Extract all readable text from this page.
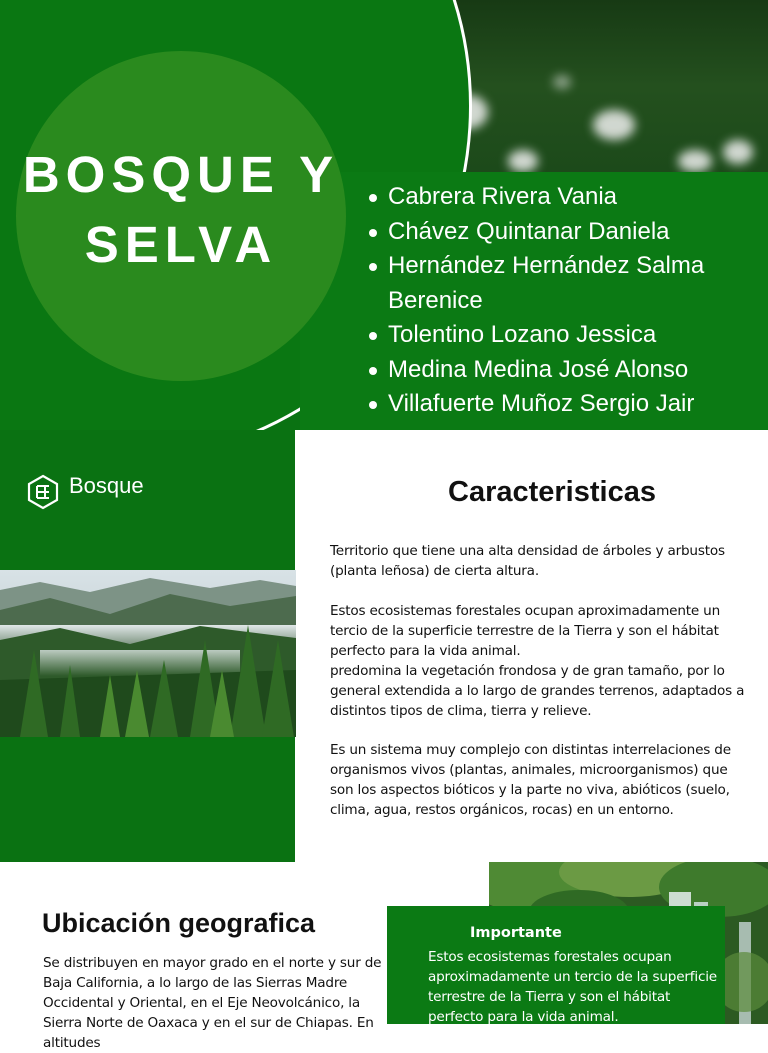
BOSQUE Y SELVA
Cabrera Rivera Vania
Chávez Quintanar Daniela
Hernández Hernández Salma Berenice
Tolentino Lozano Jessica
Medina Medina José Alonso
Villafuerte Muñoz Sergio Jair

Bosque	Caracteristicas

Territorio que tiene una alta densidad de árboles y arbustos (planta leñosa) de cierta altura.

Estos ecosistemas forestales ocupan aproximadamente un tercio de la superficie terrestre de la Tierra y son el hábitat perfecto para la vida animal.

predomina la vegetación frondosa y de gran tamaño, por lo general extendida a lo largo de grandes terrenos, adaptados a distintos tipos de clima, tierra y relieve.

Es un sistema muy complejo con distintas interrelaciones de organismos vivos (plantas, animales, microorganismos) que son los aspectos bióticos y la parte no viva, abióticos (suelo, clima, agua, restos orgánicos, rocas) en un entorno.

Ubicación geografica

Se distribuyen en mayor grado en el norte y sur de Baja California, a lo largo de las Sierras Madre Occidental y Oriental, en el Eje Neovolcánico, la Sierra Norte de Oaxaca y en el sur de Chiapas. En altitudes

Importante

Estos ecosistemas forestales ocupan aproximadamente un tercio de la superficie terrestre de la Tierra y son el hábitat perfecto para la vida animal.
